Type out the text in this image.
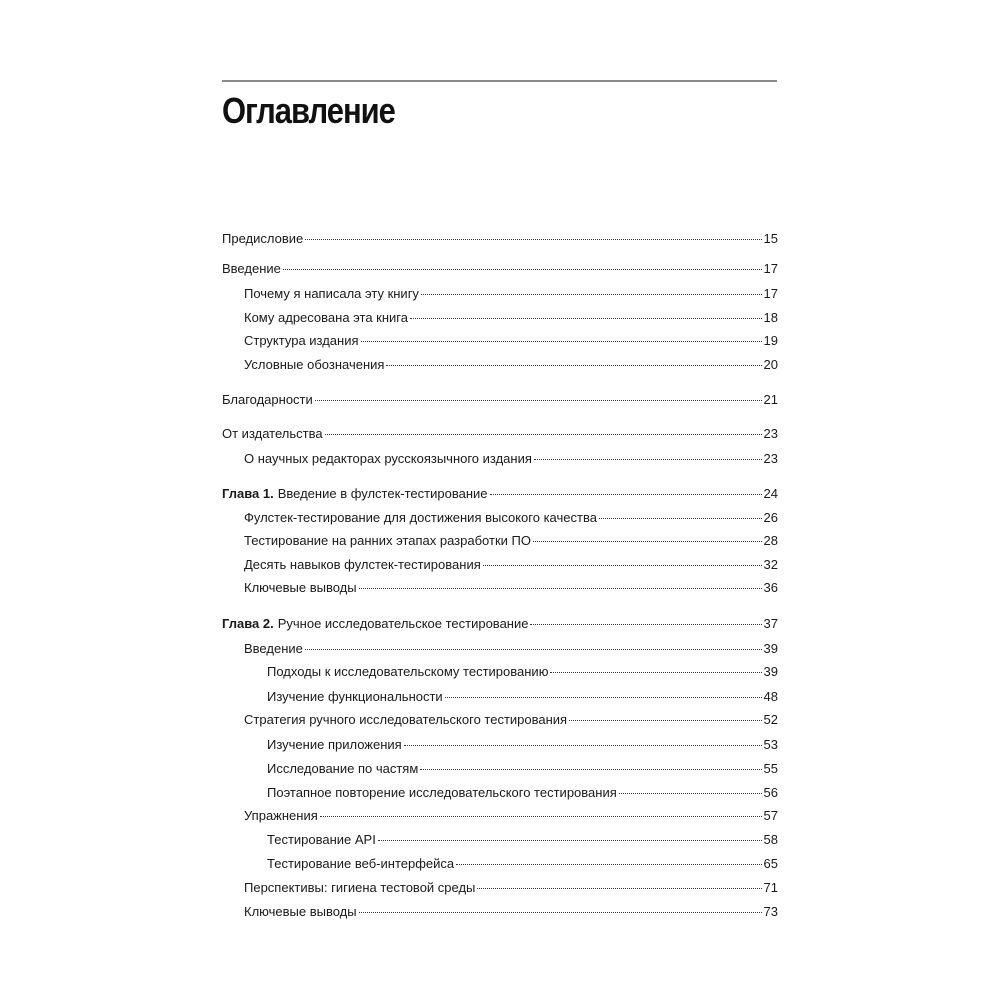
Оглавление
Предисловие	15
Введение	17
Почему я написала эту книгу	17
Кому адресована эта книга	18
Структура издания	19
Условные обозначения	20
Благодарности	21
От издательства	23
О научных редакторах русскоязычного издания	23
Глава 1. Введение в фулстек-тестирование	24
Фулстек-тестирование для достижения высокого качества	26
Тестирование на ранних этапах разработки ПО	28
Десять навыков фулстек-тестирования	32
Ключевые выводы	36
Глава 2. Ручное исследовательское тестирование	37
Введение	39
Подходы к исследовательскому тестированию	39
Изучение функциональности	48
Стратегия ручного исследовательского тестирования	52
Изучение приложения	53
Исследование по частям	55
Поэтапное повторение исследовательского тестирования	56
Упражнения	57
Тестирование API	58
Тестирование веб-интерфейса	65
Перспективы: гигиена тестовой среды	71
Ключевые выводы	73
